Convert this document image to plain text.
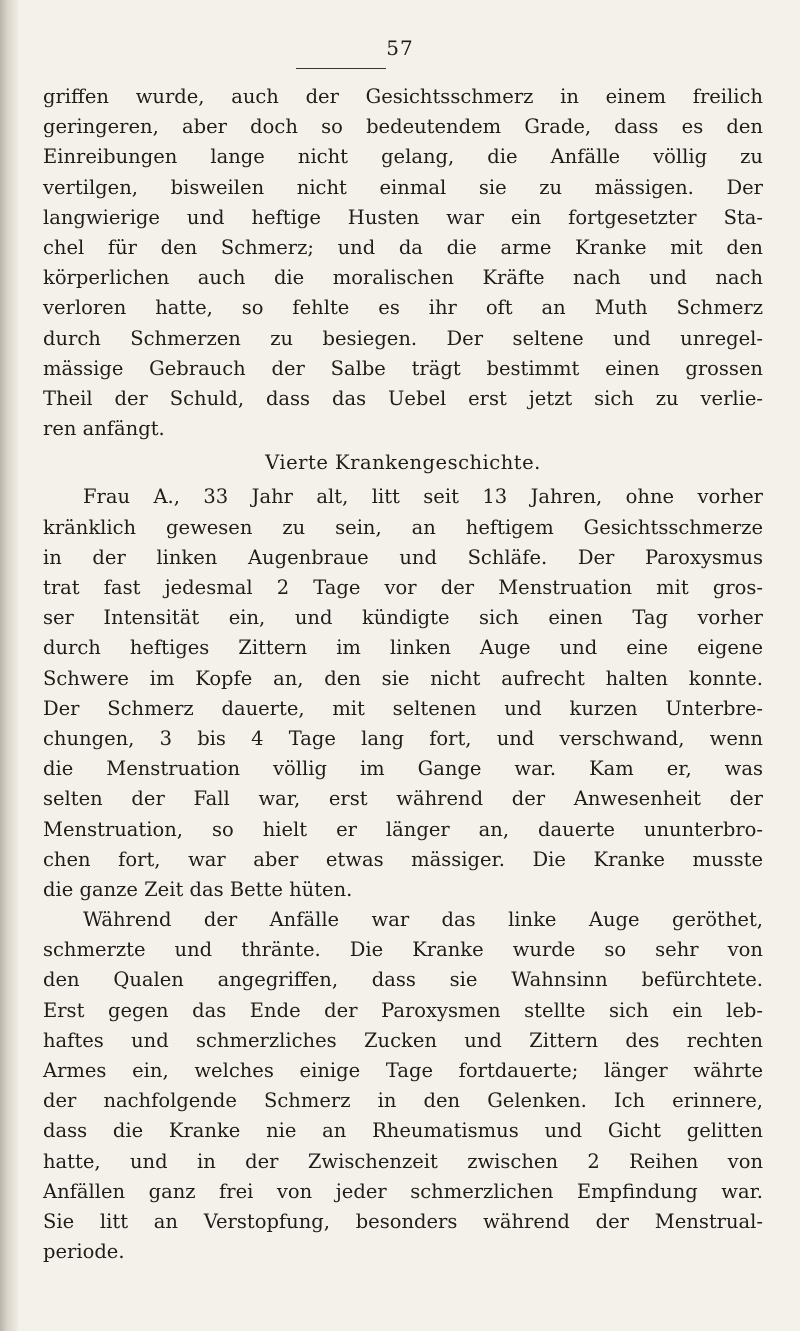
57
griffen wurde, auch der Gesichtsschmerz in einem freilich
geringeren, aber doch so bedeutendem Grade, dass es den
Einreibungen lange nicht gelang, die Anfälle völlig zu
vertilgen, bisweilen nicht einmal sie zu mässigen. Der
langwierige und heftige Husten war ein fortgesetzter Sta-
chel für den Schmerz; und da die arme Kranke mit den
körperlichen auch die moralischen Kräfte nach und nach
verloren hatte, so fehlte es ihr oft an Muth Schmerz
durch Schmerzen zu besiegen. Der seltene und unregel-
mässige Gebrauch der Salbe trägt bestimmt einen grossen
Theil der Schuld, dass das Uebel erst jetzt sich zu verlie-
ren anfängt.
Vierte Krankengeschichte.
Frau A., 33 Jahr alt, litt seit 13 Jahren, ohne vorher
kränklich gewesen zu sein, an heftigem Gesichtsschmerze
in der linken Augenbraue und Schläfe. Der Paroxysmus
trat fast jedesmal 2 Tage vor der Menstruation mit gros-
ser Intensität ein, und kündigte sich einen Tag vorher
durch heftiges Zittern im linken Auge und eine eigene
Schwere im Kopfe an, den sie nicht aufrecht halten konnte.
Der Schmerz dauerte, mit seltenen und kurzen Unterbre-
chungen, 3 bis 4 Tage lang fort, und verschwand, wenn
die Menstruation völlig im Gange war. Kam er, was
selten der Fall war, erst während der Anwesenheit der
Menstruation, so hielt er länger an, dauerte ununterbro-
chen fort, war aber etwas mässiger. Die Kranke musste
die ganze Zeit das Bette hüten.
Während der Anfälle war das linke Auge geröthet,
schmerzte und thränte. Die Kranke wurde so sehr von
den Qualen angegriffen, dass sie Wahnsinn befürchtete.
Erst gegen das Ende der Paroxysmen stellte sich ein leb-
haftes und schmerzliches Zucken und Zittern des rechten
Armes ein, welches einige Tage fortdauerte; länger währte
der nachfolgende Schmerz in den Gelenken. Ich erinnere,
dass die Kranke nie an Rheumatismus und Gicht gelitten
hatte, und in der Zwischenzeit zwischen 2 Reihen von
Anfällen ganz frei von jeder schmerzlichen Empfindung war.
Sie litt an Verstopfung, besonders während der Menstrual-
periode.
